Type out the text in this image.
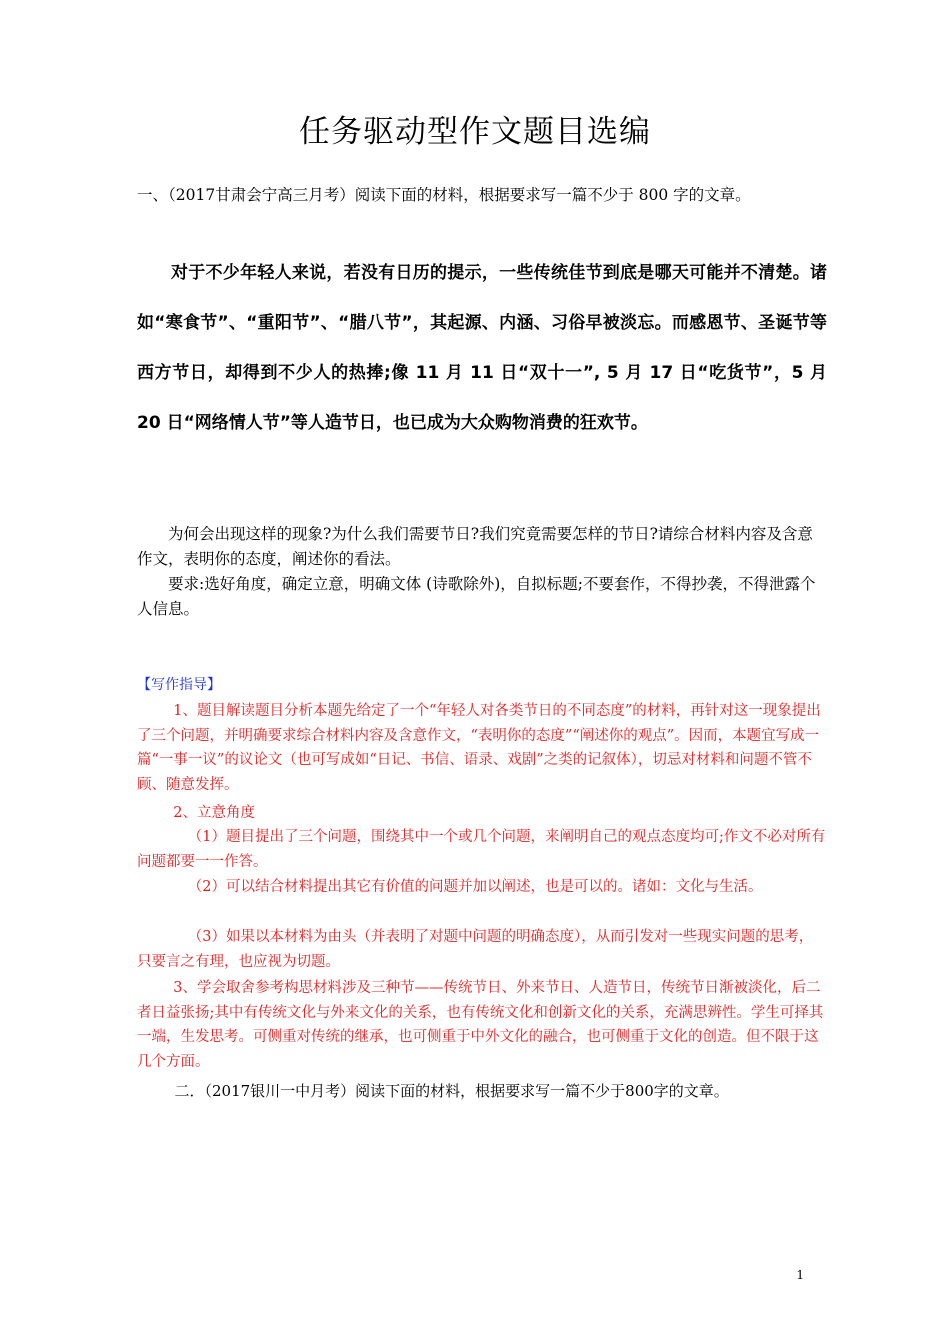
任务驱动型作文题目选编
一、（2017甘肃会宁高三月考）阅读下面的材料，根据要求写一篇不少于 800 字的文章。

对于不少年轻人来说，若没有日历的提示，一些传统佳节到底是哪天可能并不清楚。诸如“寒食节”、“重阳节”、“腊八节”，其起源、内涵、习俗早被淡忘。而感恩节、圣诞节等西方节日，却得到不少人的热捧;像 11 月 11 日“双十一”, 5 月 17 日“吃货节”，5 月 20 日“网络情人节”等人造节日，也已成为大众购物消费的狂欢节。

为何会出现这样的现象?为什么我们需要节日?我们究竟需要怎样的节日?请综合材料内容及含意作文，表明你的态度，阐述你的看法。

要求:选好角度，确定立意，明确文体 (诗歌除外)，自拟标题;不要套作，不得抄袭，不得泄露个人信息。

【写作指导】

1、题目解读题目分析本题先给定了一个“年轻人对各类节日的不同态度”的材料，再针对这一现象提出了三个问题，并明确要求综合材料内容及含意作文，“表明你的态度”“阐述你的观点”。因而，本题宜写成一篇“一事一议”的议论文（也可写成如“日记、书信、语录、戏剧”之类的记叙体），切忌对材料和问题不管不顾、随意发挥。

2、立意角度

（1）题目提出了三个问题，围绕其中一个或几个问题，来阐明自己的观点态度均可;作文不必对所有问题都要一一作答。

（2）可以结合材料提出其它有价值的问题并加以阐述，也是可以的。诸如：文化与生活。

（3）如果以本材料为由头（并表明了对题中问题的明确态度），从而引发对一些现实问题的思考，只要言之有理，也应视为切题。

3、学会取舍参考构思材料涉及三种节——传统节日、外来节日、人造节日，传统节日渐被淡化，后二者日益张扬;其中有传统文化与外来文化的关系，也有传统文化和创新文化的关系，充满思辨性。学生可择其一端，生发思考。可侧重对传统的继承，也可侧重于中外文化的融合，也可侧重于文化的创造。但不限于这几个方面。

二．（2017银川一中月考）阅读下面的材料，根据要求写一篇不少于800字的文章。
1
